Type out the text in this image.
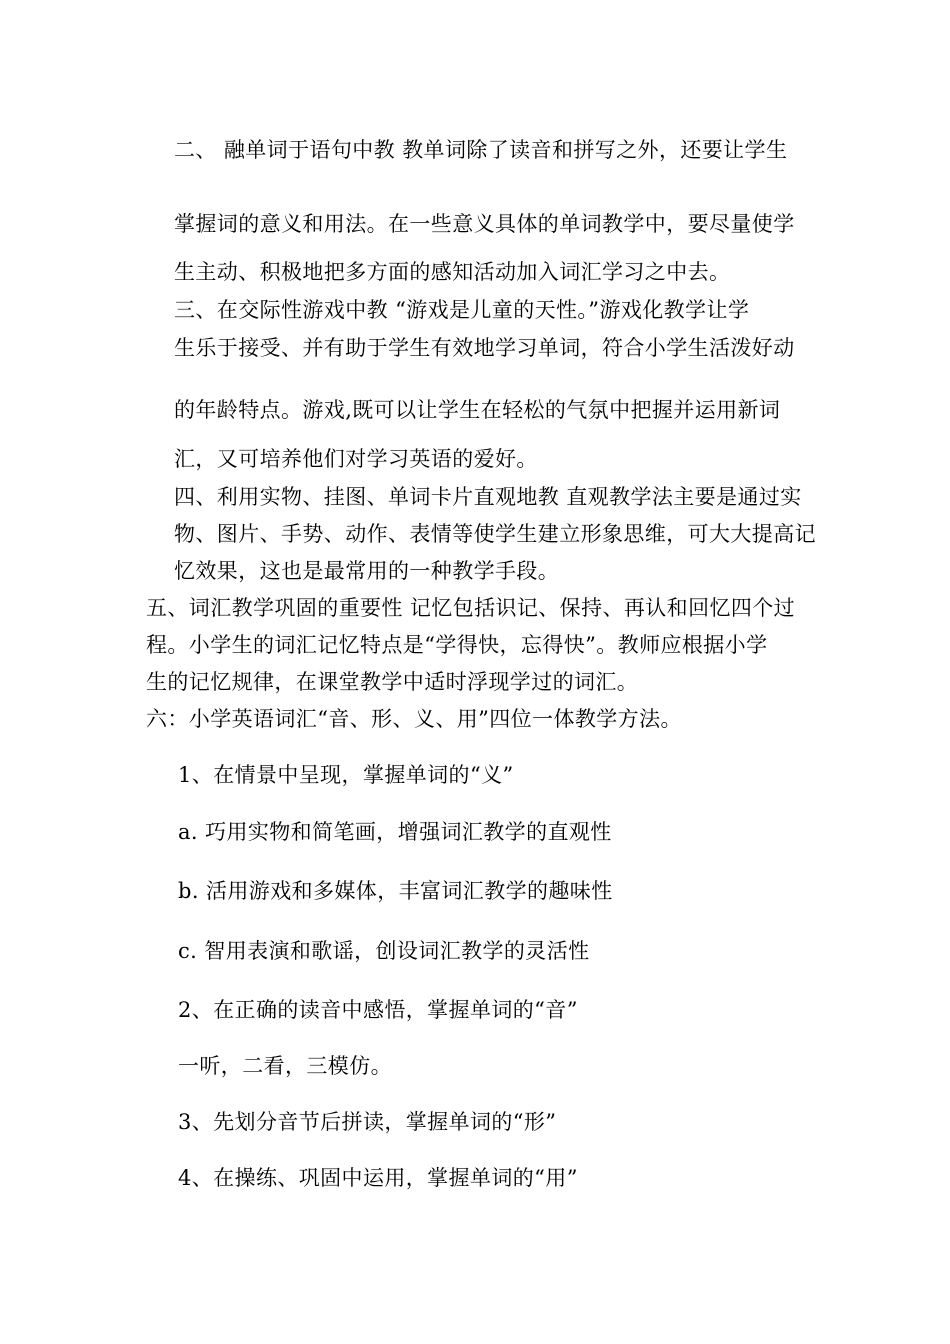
二、 融单词于语句中教 教单词除了读音和拼写之外，还要让学生
掌握词的意义和用法。在一些意义具体的单词教学中，要尽量使学
生主动、积极地把多方面的感知活动加入词汇学习之中去。
三、在交际性游戏中教 “游戏是儿童的天性。”游戏化教学让学
生乐于接受、并有助于学生有效地学习单词，符合小学生活泼好动
的年龄特点。游戏,既可以让学生在轻松的气氛中把握并运用新词
汇，又可培养他们对学习英语的爱好。
四、利用实物、挂图、单词卡片直观地教 直观教学法主要是通过实
物、图片、手势、动作、表情等使学生建立形象思维，可大大提高记
忆效果，这也是最常用的一种教学手段。
五、词汇教学巩固的重要性 记忆包括识记、保持、再认和回忆四个过
程。小学生的词汇记忆特点是“学得快，忘得快”。教师应根据小学
生的记忆规律，在课堂教学中适时浮现学过的词汇。
六：小学英语词汇“音、形、义、用”四位一体教学方法。
1、在情景中呈现，掌握单词的“义”
a. 巧用实物和简笔画，增强词汇教学的直观性
b. 活用游戏和多媒体，丰富词汇教学的趣味性
c. 智用表演和歌谣，创设词汇教学的灵活性
2、在正确的读音中感悟，掌握单词的“音”
一听，二看，三模仿。
3、先划分音节后拼读，掌握单词的“形”
4、在操练、巩固中运用，掌握单词的“用”
